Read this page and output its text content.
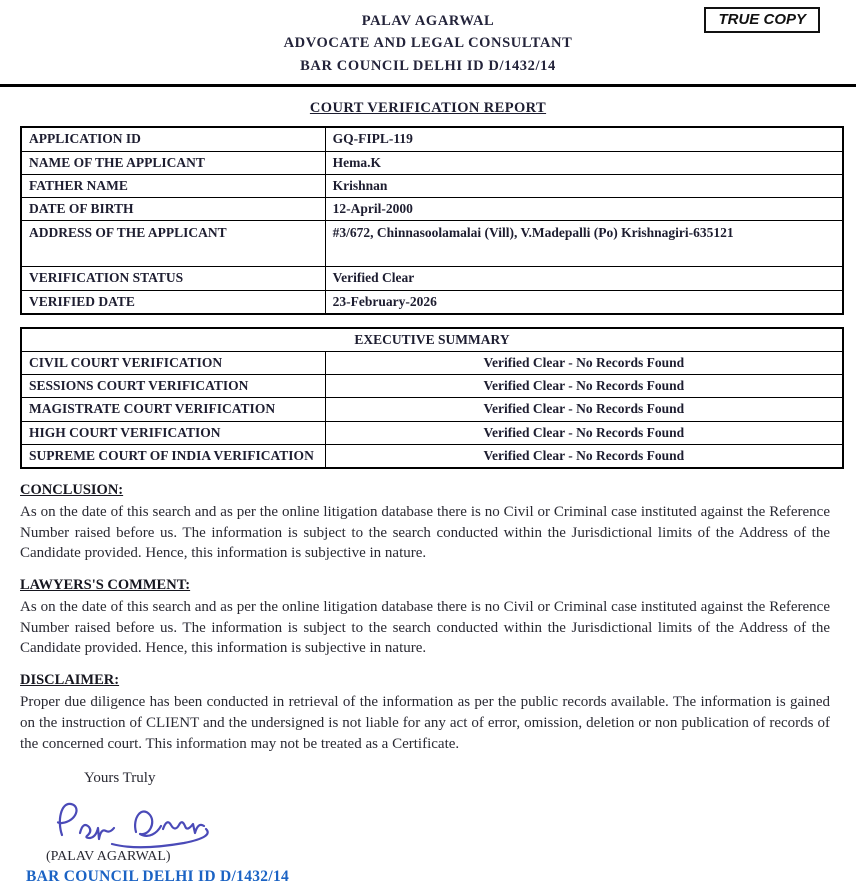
PALAV AGARWAL
ADVOCATE AND LEGAL CONSULTANT
BAR COUNCIL DELHI ID D/1432/14
TRUE COPY
COURT VERIFICATION REPORT
APPLICATION ID	GQ-FIPL-119
NAME OF THE APPLICANT	Hema.K
FATHER NAME	Krishnan
DATE OF BIRTH	12-April-2000
ADDRESS OF THE APPLICANT	#3/672, Chinnasoolamalai (Vill), V.Madepalli (Po) Krishnagiri-635121
VERIFICATION STATUS	Verified Clear
VERIFIED DATE	23-February-2026
EXECUTIVE SUMMARY	
CIVIL COURT VERIFICATION	Verified Clear - No Records Found
SESSIONS COURT VERIFICATION	Verified Clear - No Records Found
MAGISTRATE COURT VERIFICATION	Verified Clear - No Records Found
HIGH COURT VERIFICATION	Verified Clear - No Records Found
SUPREME COURT OF INDIA VERIFICATION	Verified Clear - No Records Found
CONCLUSION:

As on the date of this search and as per the online litigation database there is no Civil or Criminal case instituted against the Reference Number raised before us. The information is subject to the search conducted within the Jurisdictional limits of the Address of the Candidate provided. Hence, this information is subjective in nature.

LAWYERS'S COMMENT:

As on the date of this search and as per the online litigation database there is no Civil or Criminal case instituted against the Reference Number raised before us. The information is subject to the search conducted within the Jurisdictional limits of the Address of the Candidate provided. Hence, this information is subjective in nature.

DISCLAIMER:

Proper due diligence has been conducted in retrieval of the information as per the public records available. The information is gained on the instruction of CLIENT and the undersigned is not liable for any act of error, omission, deletion or non publication of records of the concerned court. This information may not be treated as a Certificate.

Yours Truly
(PALAV AGARWAL)
BAR COUNCIL DELHI ID D/1432/14
